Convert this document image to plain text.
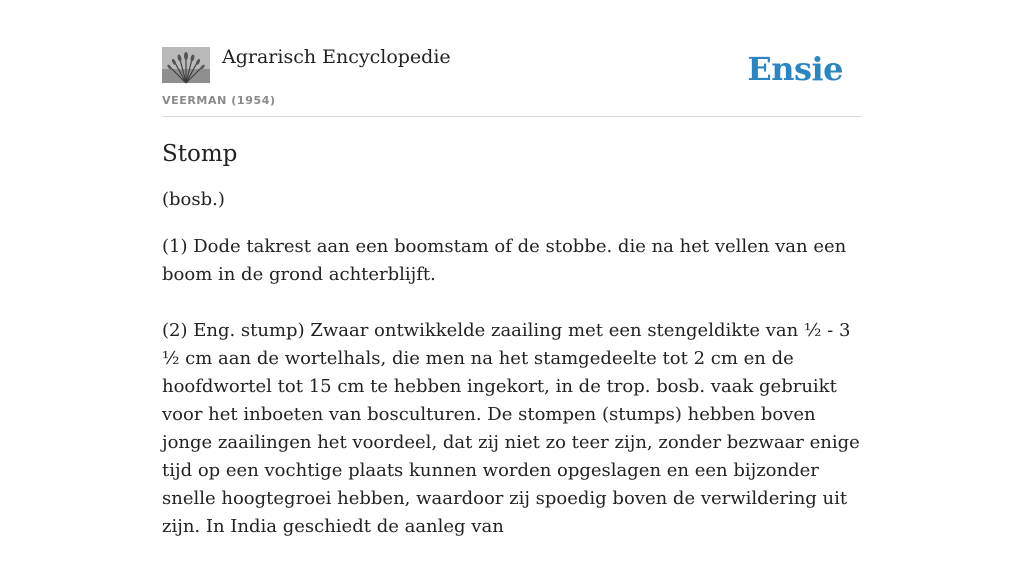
Agrarisch Encyclopedie
VEERMAN (1954)
Ensie
Stomp

(bosb.)

(1) Dode takrest aan een boomstam of de stobbe. die na het vellen van een boom in de grond achterblijft.

(2) Eng. stump) Zwaar ontwikkelde zaailing met een stengeldikte van ½ - 3 ½ cm aan de wortelhals, die men na het stamgedeelte tot 2 cm en de hoofdwortel tot 15 cm te hebben ingekort, in de trop. bosb. vaak gebruikt voor het inboeten van bosculturen. De stompen (stumps) hebben boven jonge zaailingen het voordeel, dat zij niet zo teer zijn, zonder bezwaar enige tijd op een vochtige plaats kunnen worden opgeslagen en een bijzonder snelle hoogtegroei hebben, waardoor zij spoedig boven de verwildering uit zijn. In India geschiedt de aanleg van
